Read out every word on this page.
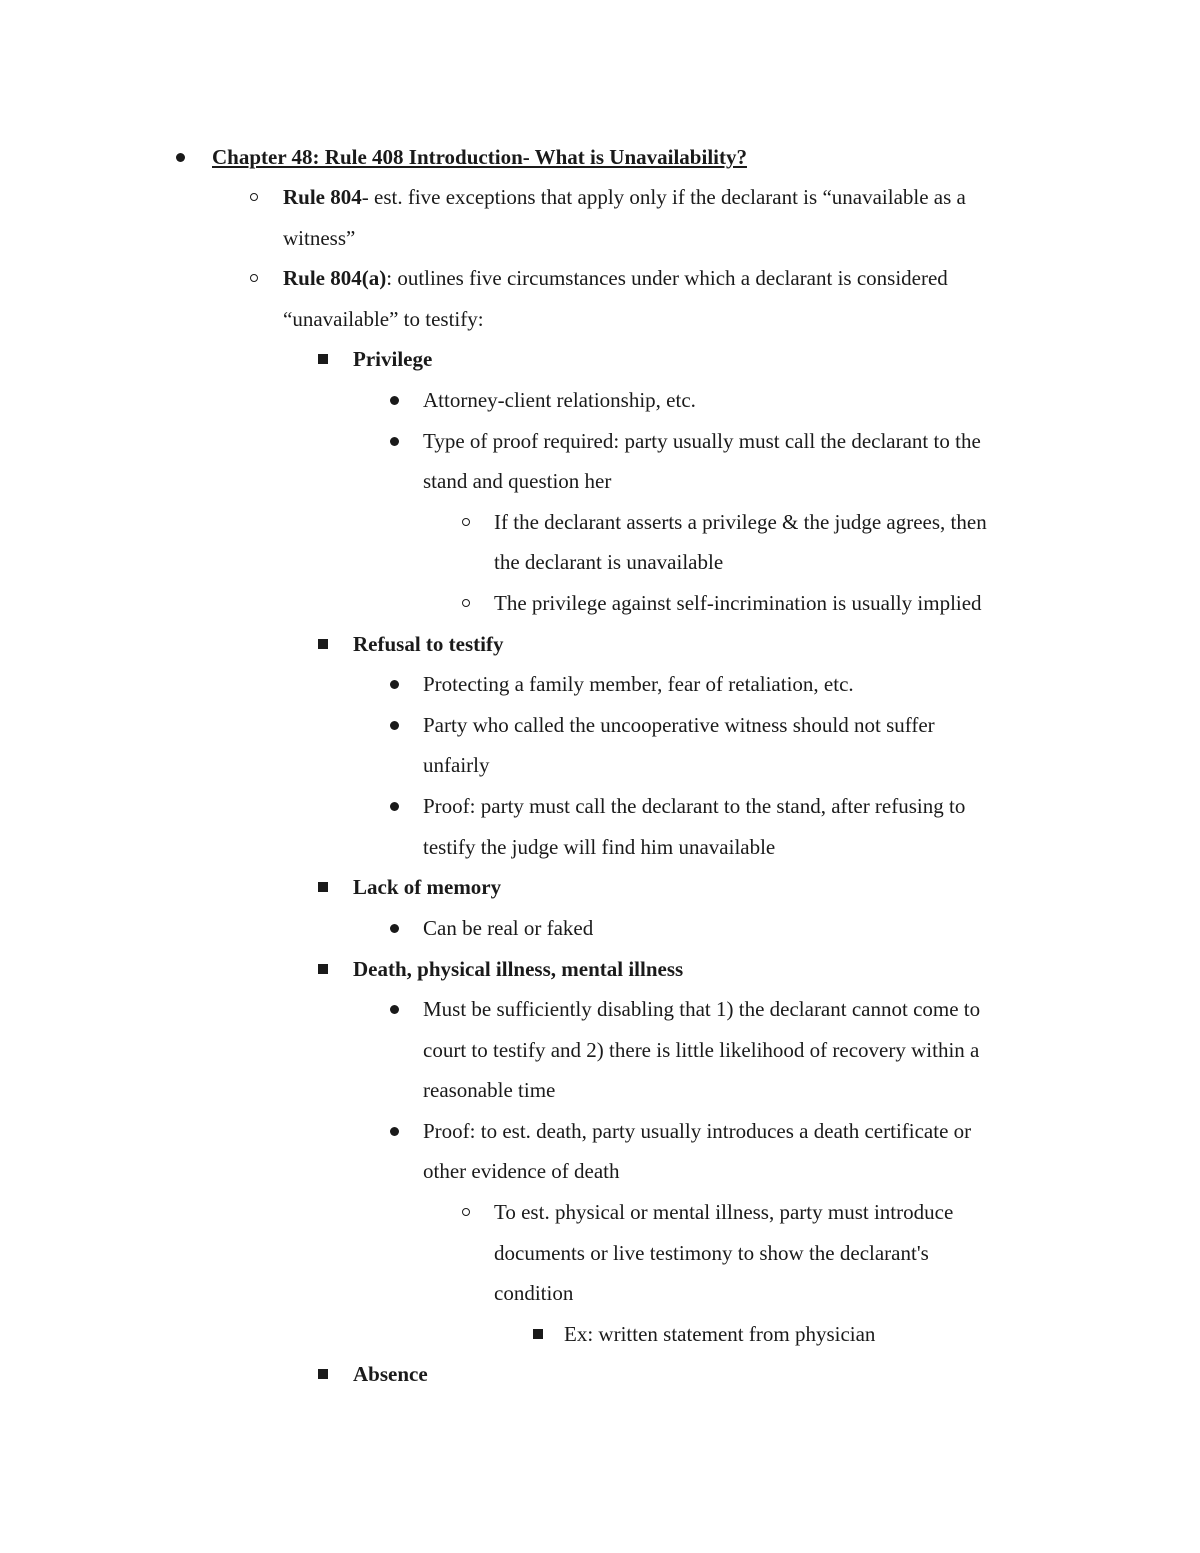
Chapter 48: Rule 408 Introduction- What is Unavailability?
Rule 804- est. five exceptions that apply only if the declarant is “unavailable as a
witness”
Rule 804(a): outlines five circumstances under which a declarant is considered
“unavailable” to testify:
Privilege
Attorney-client relationship, etc.
Type of proof required: party usually must call the declarant to the
stand and question her
If the declarant asserts a privilege & the judge agrees, then
the declarant is unavailable
The privilege against self-incrimination is usually implied
Refusal to testify
Protecting a family member, fear of retaliation, etc.
Party who called the uncooperative witness should not suffer
unfairly
Proof: party must call the declarant to the stand, after refusing to
testify the judge will find him unavailable
Lack of memory
Can be real or faked
Death, physical illness, mental illness
Must be sufficiently disabling that 1) the declarant cannot come to
court to testify and 2) there is little likelihood of recovery within a
reasonable time
Proof: to est. death, party usually introduces a death certificate or
other evidence of death
To est. physical or mental illness, party must introduce
documents or live testimony to show the declarant's
condition
Ex: written statement from physician
Absence
